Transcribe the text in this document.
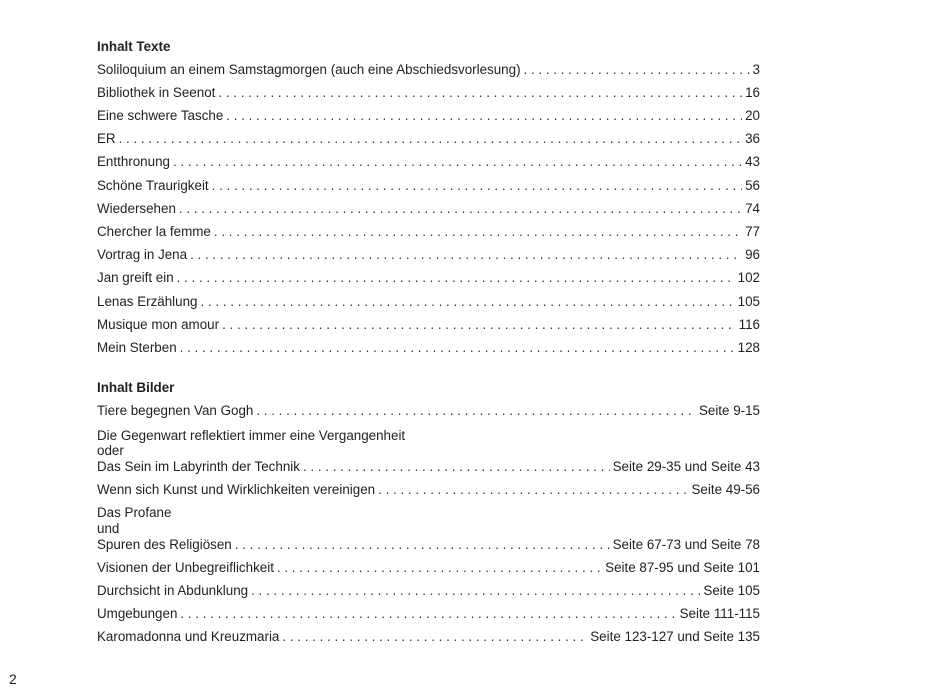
Inhalt Texte
Soliloquium an einem Samstagmorgen (auch eine Abschiedsvorlesung) . . .	3
Bibliothek in Seenot . . .	16
Eine schwere Tasche . . .	20
ER . . .	36
Entthronung . . .	43
Schöne Traurigkeit . . .	56
Wiedersehen . . .	74
Chercher la femme . . .	77
Vortrag in Jena . . .	96
Jan greift ein . . .	102
Lenas Erzählung . . .	105
Musique mon amour . . .	116
Mein Sterben . . .	128
Inhalt Bilder
Tiere begegnen Van Gogh . . .	Seite 9-15
Die Gegenwart reflektiert immer eine Vergangenheit
oder
Das Sein im Labyrinth der Technik . . .	Seite 29-35 und Seite 43
Wenn sich Kunst und Wirklichkeiten vereinigen . . .	Seite 49-56
Das Profane
und
Spuren des Religiösen . . .	Seite 67-73 und Seite 78
Visionen der Unbegreiflichkeit . . .	Seite 87-95 und Seite 101
Durchsicht in Abdunklung . . .	Seite 105
Umgebungen . . .	Seite 111-115
Karomadonna und Kreuzmaria . . .	Seite 123-127 und Seite 135
2
